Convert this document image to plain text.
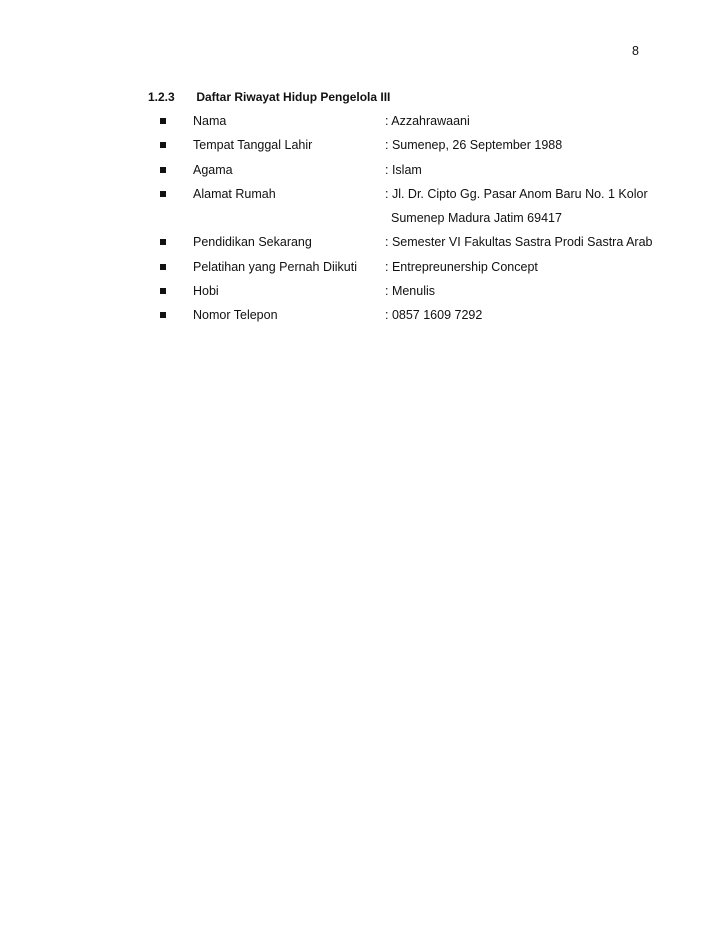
8
1.2.3 Daftar Riwayat Hidup Pengelola III
Nama	: Azzahrawaani
Tempat Tanggal Lahir	: Sumenep, 26 September 1988
Agama	: Islam
Alamat Rumah	: Jl. Dr. Cipto Gg. Pasar Anom Baru No. 1 Kolor
Sumenep Madura Jatim 69417
Pendidikan Sekarang	: Semester VI Fakultas Sastra Prodi Sastra Arab
Pelatihan yang Pernah Diikuti : Entrepreunership Concept
Hobi	: Menulis
Nomor Telepon	: 0857 1609 7292
